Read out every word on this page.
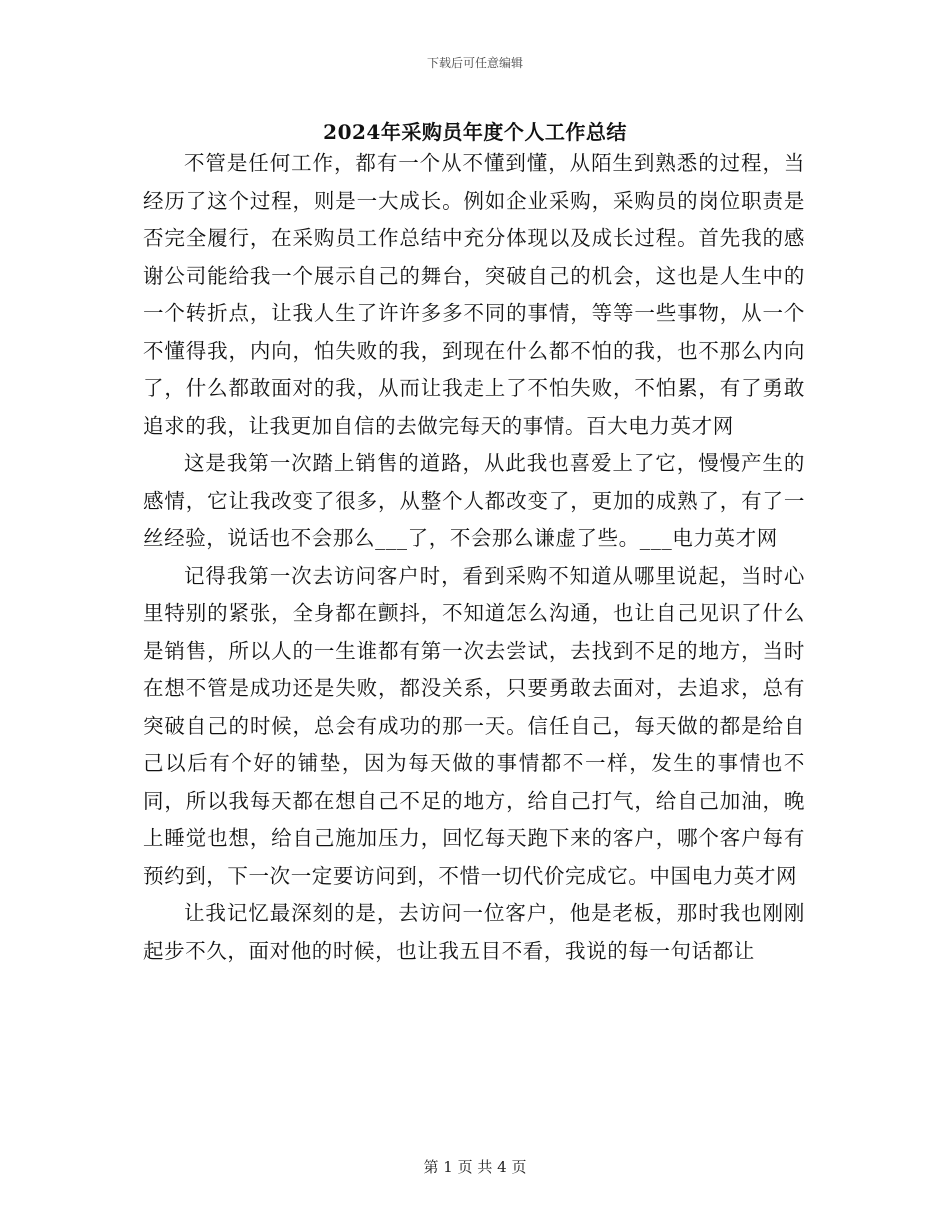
下载后可任意编辑
2024年采购员年度个人工作总结

不管是任何工作，都有一个从不懂到懂，从陌生到熟悉的过程，当经历了这个过程，则是一大成长。例如企业采购，采购员的岗位职责是否完全履行，在采购员工作总结中充分体现以及成长过程。首先我的感谢公司能给我一个展示自己的舞台，突破自己的机会，这也是人生中的一个转折点，让我人生了许许多多不同的事情，等等一些事物，从一个不懂得我，内向，怕失败的我，到现在什么都不怕的我，也不那么内向了，什么都敢面对的我，从而让我走上了不怕失败，不怕累，有了勇敢追求的我，让我更加自信的去做完每天的事情。百大电力英才网

这是我第一次踏上销售的道路，从此我也喜爱上了它，慢慢产生的感情，它让我改变了很多，从整个人都改变了，更加的成熟了，有了一丝经验，说话也不会那么___了，不会那么谦虚了些。___电力英才网

记得我第一次去访问客户时，看到采购不知道从哪里说起，当时心里特别的紧张，全身都在颤抖，不知道怎么沟通，也让自己见识了什么是销售，所以人的一生谁都有第一次去尝试，去找到不足的地方，当时在想不管是成功还是失败，都没关系，只要勇敢去面对，去追求，总有突破自己的时候，总会有成功的那一天。信任自己，每天做的都是给自己以后有个好的铺垫，因为每天做的事情都不一样，发生的事情也不同，所以我每天都在想自己不足的地方，给自己打气，给自己加油，晚上睡觉也想，给自己施加压力，回忆每天跑下来的客户，哪个客户每有预约到，下一次一定要访问到，不惜一切代价完成它。中国电力英才网

让我记忆最深刻的是，去访问一位客户，他是老板，那时我也刚刚起步不久，面对他的时候，也让我五目不看，我说的每一句话都让

第 1 页 共 4 页
